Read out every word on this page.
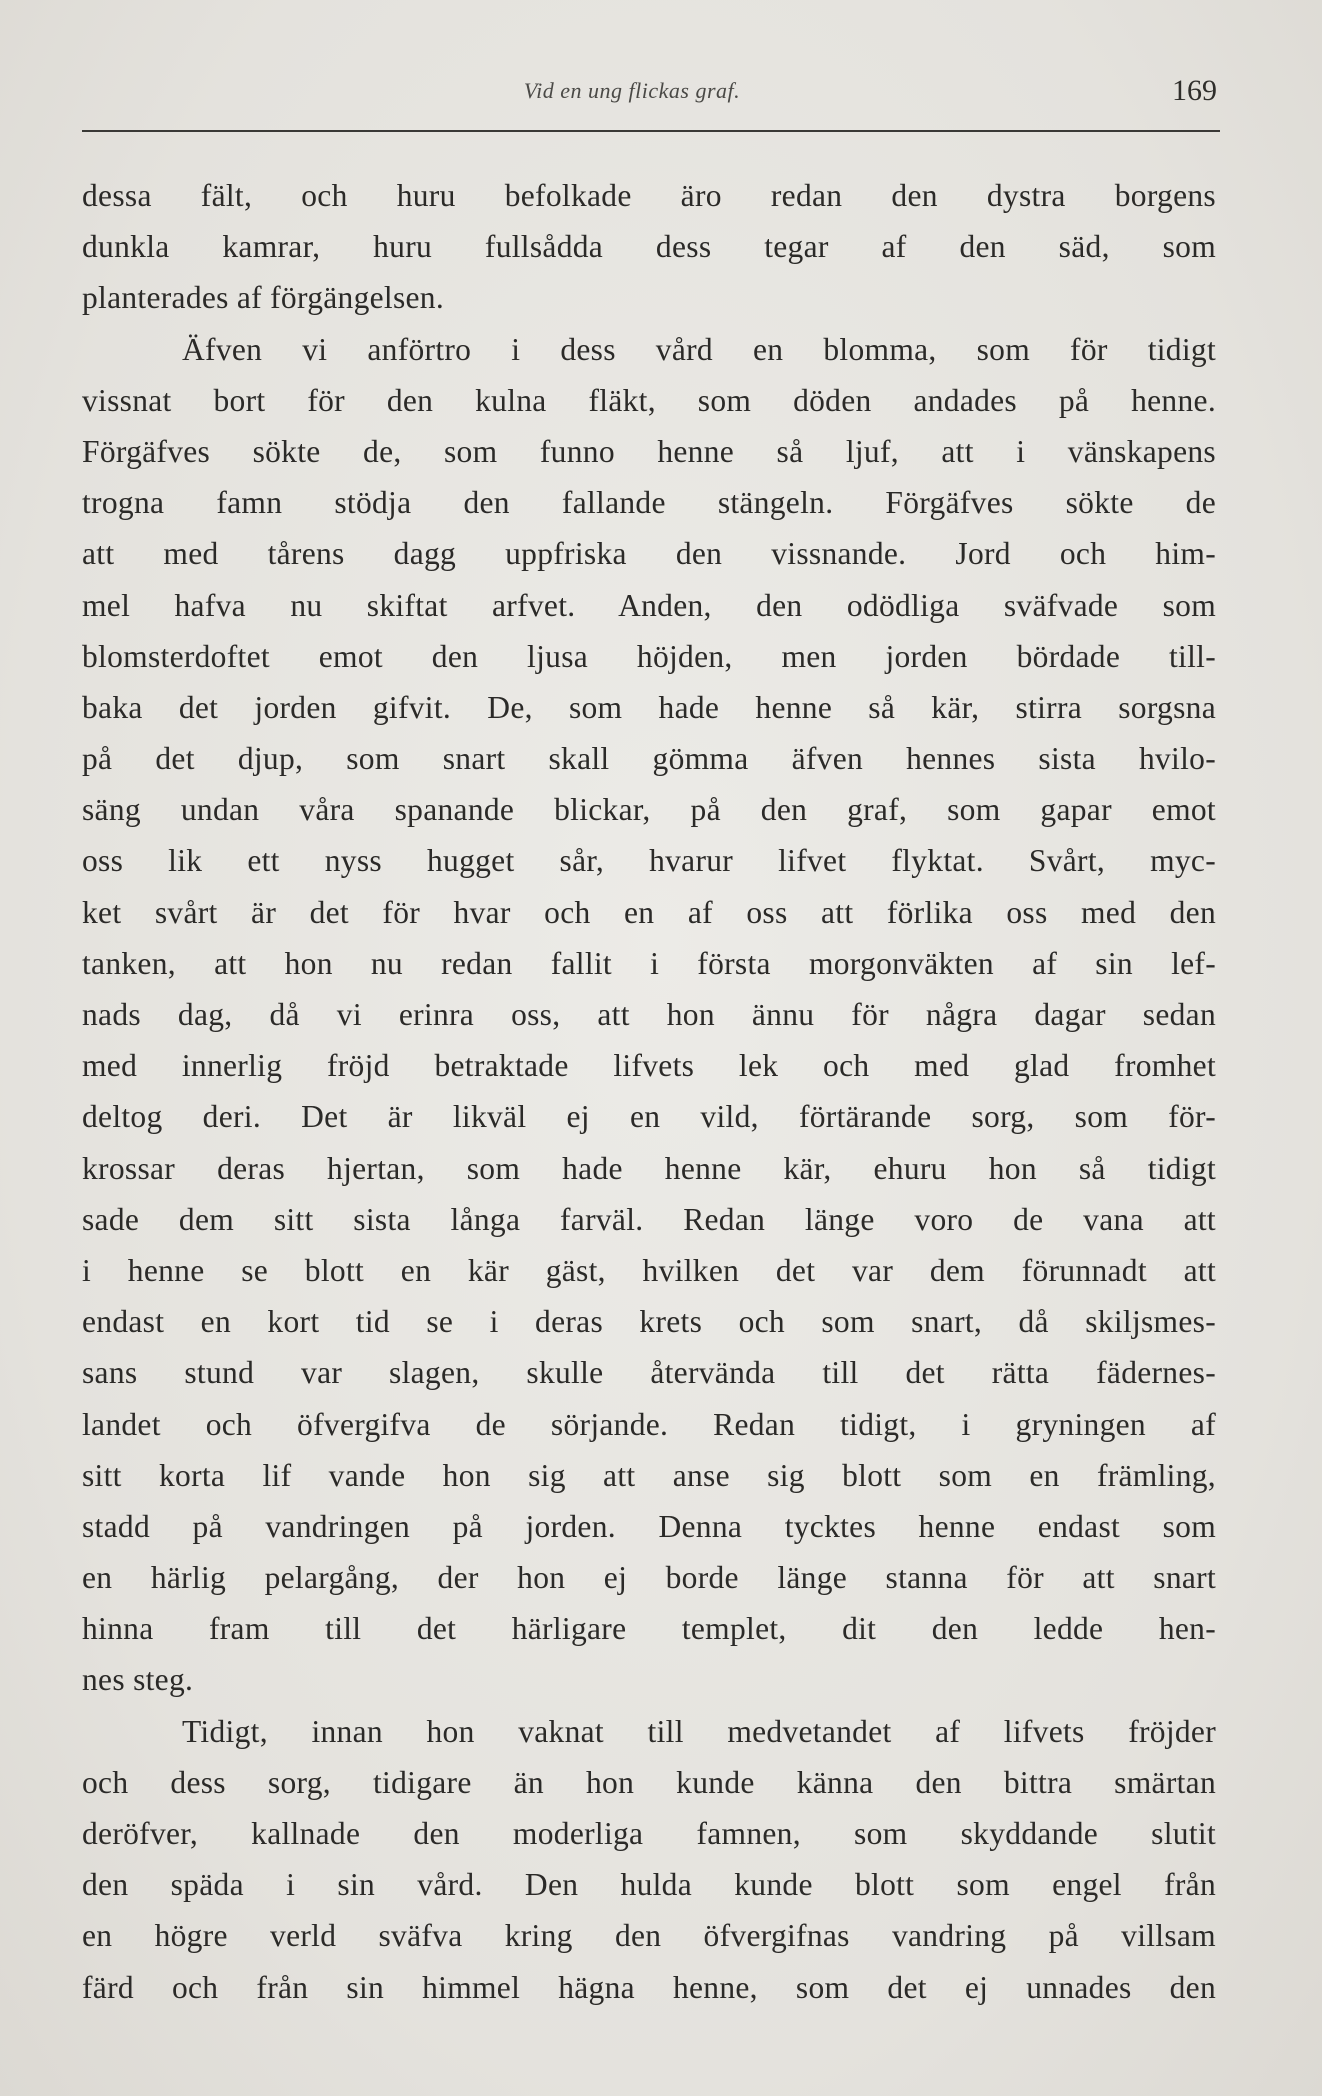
Vid en ung flickas graf.	169
dessa fält, och huru befolkade äro redan den dystra borgens
dunkla kamrar, huru fullsådda dess tegar af den säd, som
planterades af förgängelsen.
Äfven vi anförtro i dess vård en blomma, som för tidigt
vissnat bort för den kulna fläkt, som döden andades på henne.
Förgäfves sökte de, som funno henne så ljuf, att i vänskapens
trogna famn stödja den fallande stängeln. Förgäfves sökte de
att med tårens dagg uppfriska den vissnande. Jord och him-
mel hafva nu skiftat arfvet. Anden, den odödliga sväfvade som
blomsterdoftet emot den ljusa höjden, men jorden bördade till-
baka det jorden gifvit. De, som hade henne så kär, stirra sorgsna
på det djup, som snart skall gömma äfven hennes sista hvilo-
säng undan våra spanande blickar, på den graf, som gapar emot
oss lik ett nyss hugget sår, hvarur lifvet flyktat. Svårt, myc-
ket svårt är det för hvar och en af oss att förlika oss med den
tanken, att hon nu redan fallit i första morgonväkten af sin lef-
nads dag, då vi erinra oss, att hon ännu för några dagar sedan
med innerlig fröjd betraktade lifvets lek och med glad fromhet
deltog deri. Det är likväl ej en vild, förtärande sorg, som för-
krossar deras hjertan, som hade henne kär, ehuru hon så tidigt
sade dem sitt sista långa farväl. Redan länge voro de vana att
i henne se blott en kär gäst, hvilken det var dem förunnadt att
endast en kort tid se i deras krets och som snart, då skiljsmes-
sans stund var slagen, skulle återvända till det rätta fädernes-
landet och öfvergifva de sörjande. Redan tidigt, i gryningen af
sitt korta lif vande hon sig att anse sig blott som en främling,
stadd på vandringen på jorden. Denna tycktes henne endast som
en härlig pelargång, der hon ej borde länge stanna för att snart
hinna fram till det härligare templet, dit den ledde hen-
nes steg.
Tidigt, innan hon vaknat till medvetandet af lifvets fröjder
och dess sorg, tidigare än hon kunde känna den bittra smärtan
deröfver, kallnade den moderliga famnen, som skyddande slutit
den späda i sin vård. Den hulda kunde blott som engel från
en högre verld sväfva kring den öfvergifnas vandring på villsam
färd och från sin himmel hägna henne, som det ej unnades den
